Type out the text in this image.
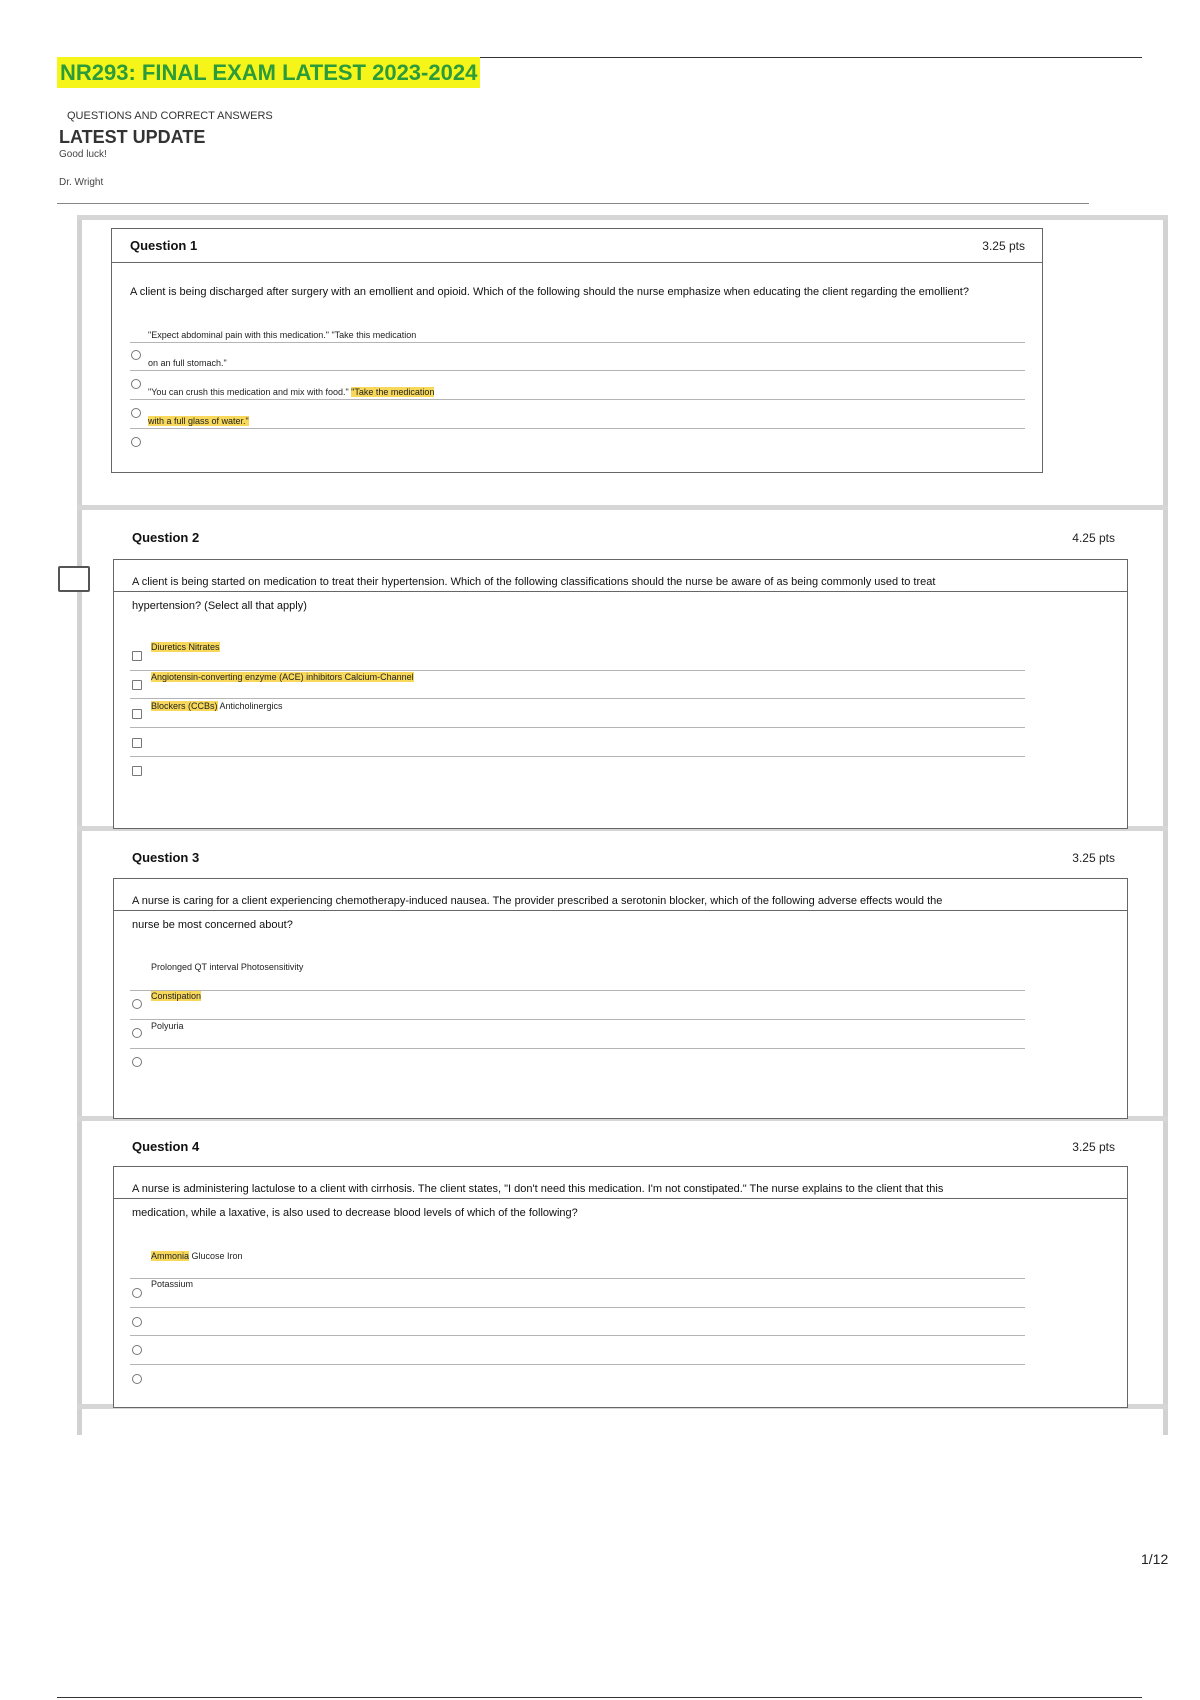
NR293: FINAL EXAM LATEST 2023-2024
QUESTIONS AND CORRECT ANSWERS
LATEST UPDATE
Good luck!
Dr. Wright
Question 1	3.25 pts
A client is being discharged after surgery with an emollient and opioid. Which of the following should the nurse emphasize when educating the client regarding the emollient?
"Expect abdominal pain with this medication." "Take this medication
on an full stomach."
"You can crush this medication and mix with food." "Take the medication
with a full glass of water."
Question 2	4.25 pts
A client is being started on medication to treat their hypertension. Which of the following classifications should the nurse be aware of as being commonly used to treat
hypertension? (Select all that apply)
Diuretics Nitrates
Angiotensin-converting enzyme (ACE) inhibitors Calcium-Channel
Blockers (CCBs) Anticholinergics
Question 3	3.25 pts
A nurse is caring for a client experiencing chemotherapy-induced nausea. The provider prescribed a serotonin blocker, which of the following adverse effects would the
nurse be most concerned about?
Prolonged QT interval Photosensitivity
Constipation
Polyuria
Question 4	3.25 pts
A nurse is administering lactulose to a client with cirrhosis. The client states, "I don't need this medication. I'm not constipated." The nurse explains to the client that this
medication, while a laxative, is also used to decrease blood levels of which of the following?
Ammonia Glucose Iron
Potassium
1/12
